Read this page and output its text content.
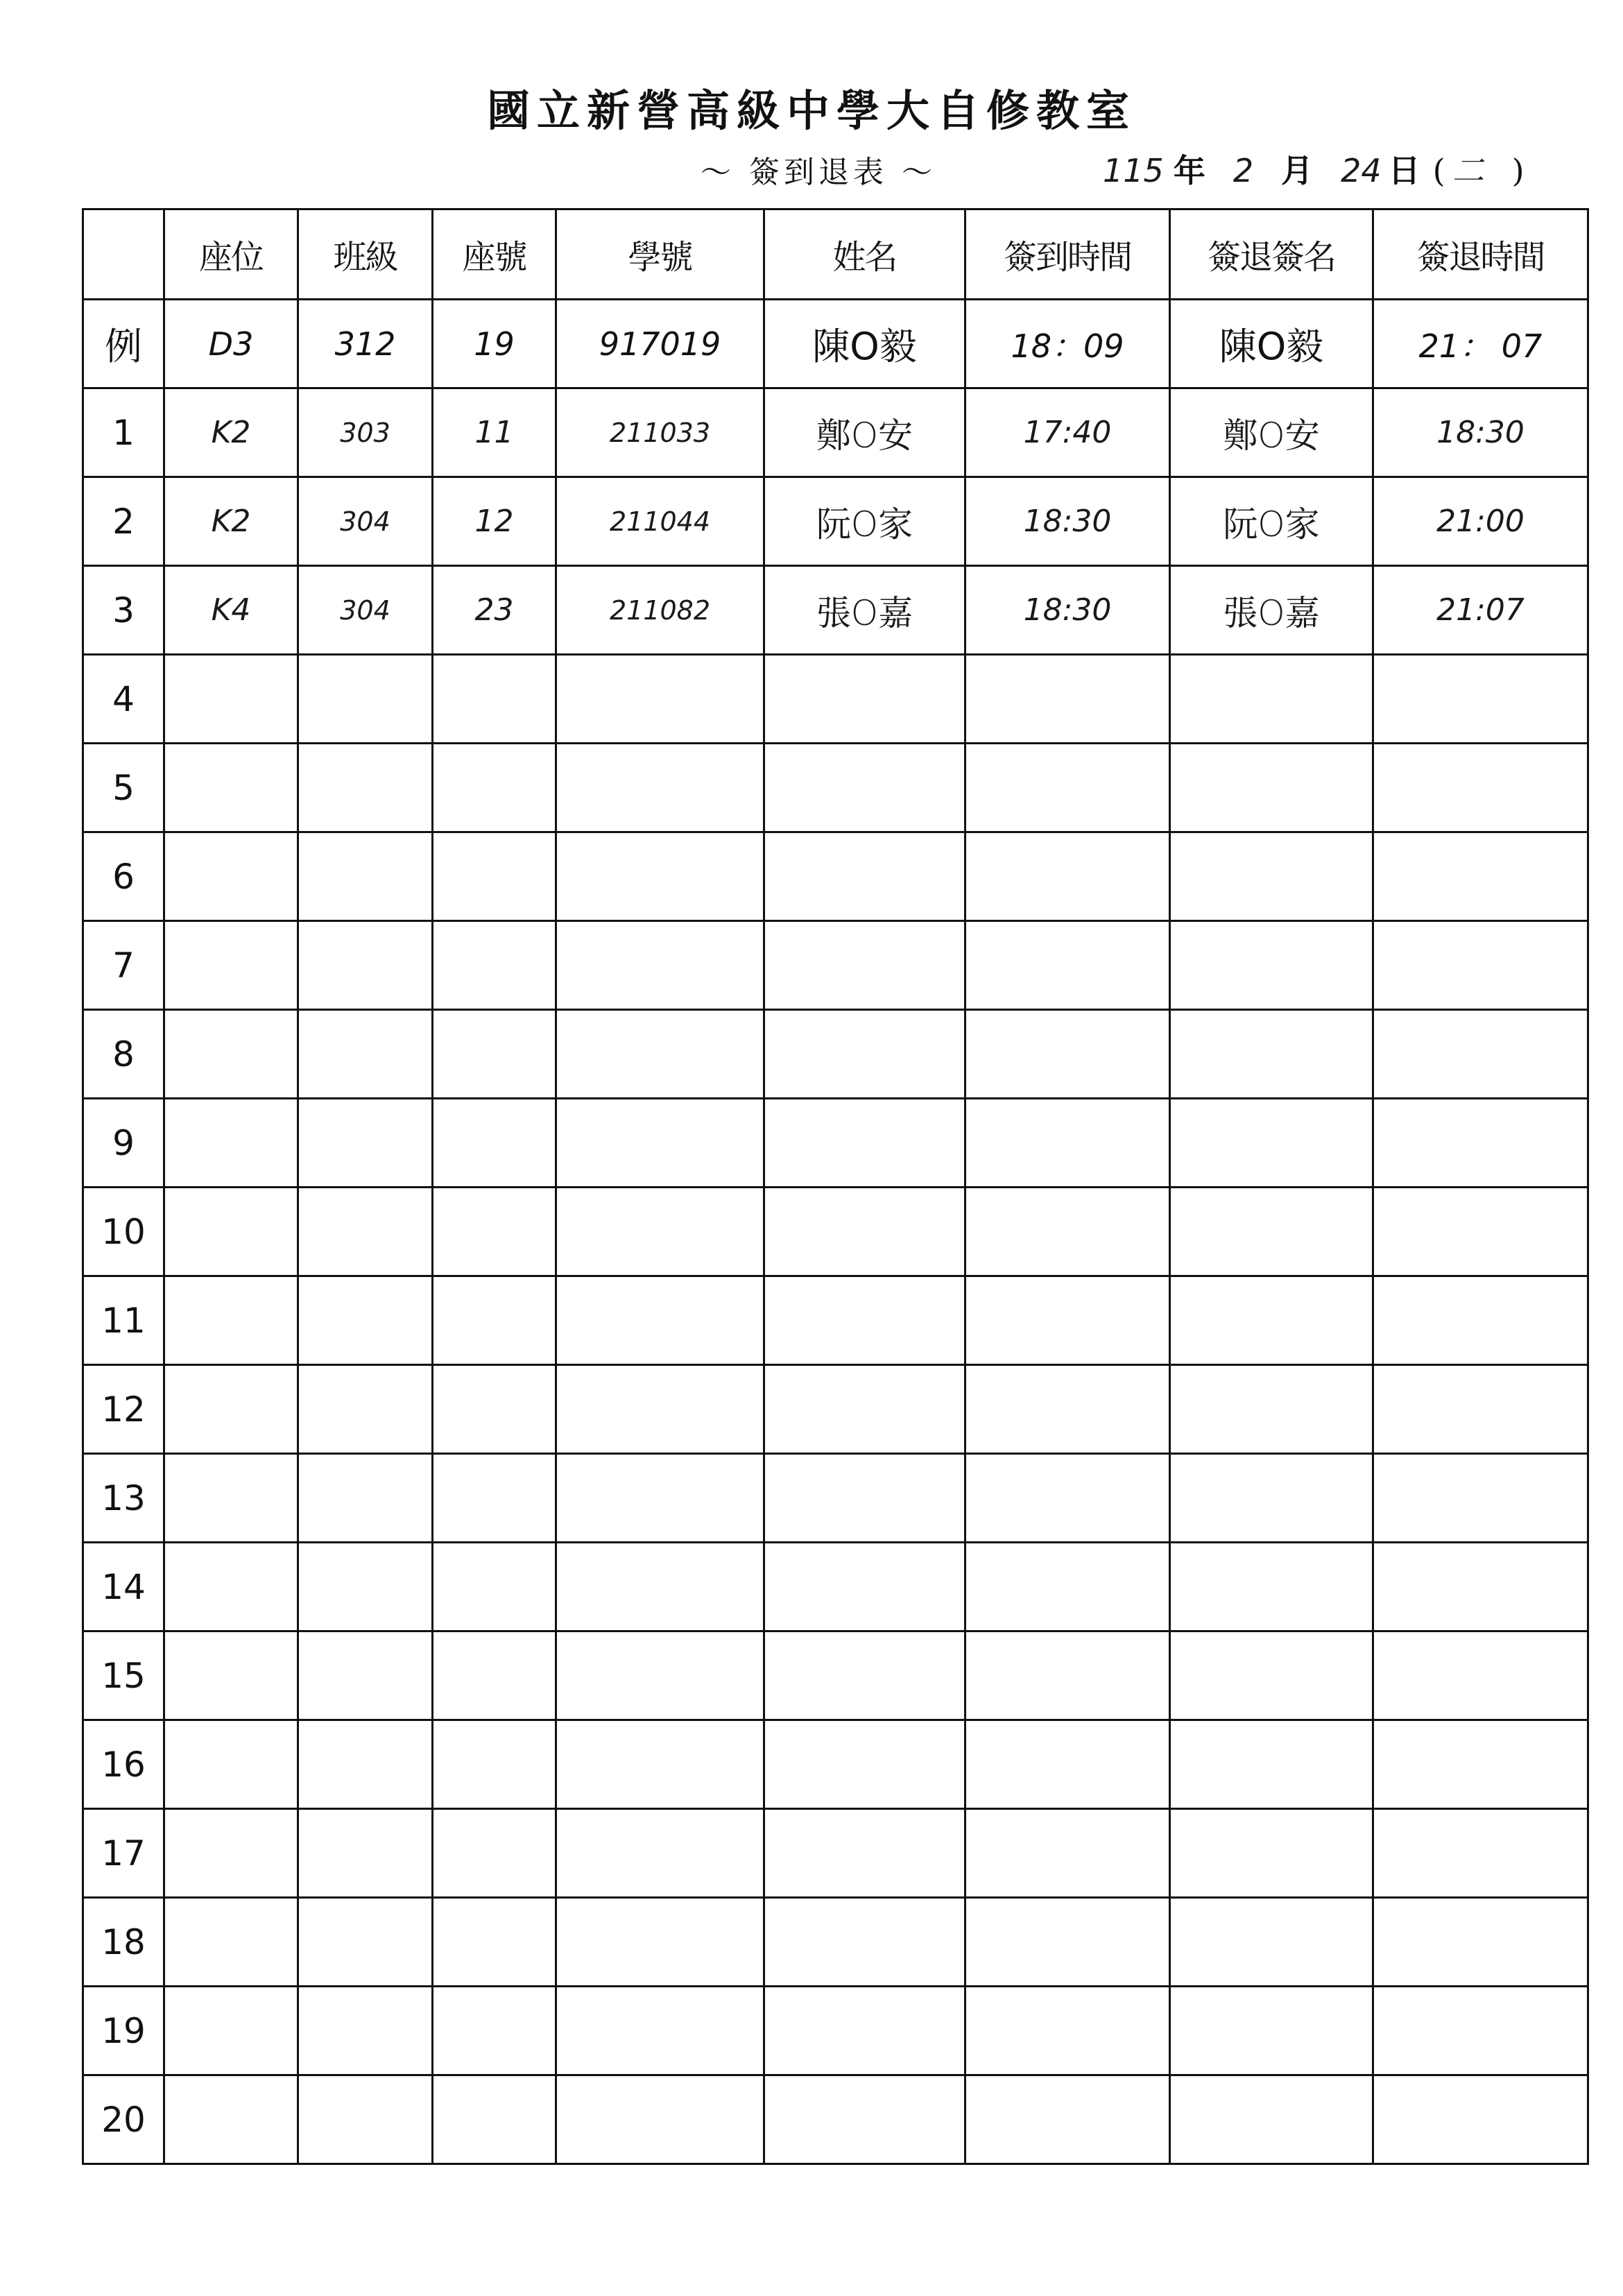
國立新營高級中學大自修教室
～ 簽到退表 ～	115 年 2 月 24 日 ( 二 )
	座位	班級	座號	學號	姓名	簽到時間	簽退簽名	簽退時間
例	D3	312	19	917019	陳O毅	18：09	陳O毅	21： 07
1	K2	303	11	211033	鄭O安	17:40	鄭O安	18:30
2	K2	304	12	211044	阮O家	18:30	阮O家	21:00
3	K4	304	23	211082	張O嘉	18:30	張O嘉	21:07
4								
5								
6								
7								
8								
9								
10								
11								
12								
13								
14								
15								
16								
17								
18								
19								
20								
